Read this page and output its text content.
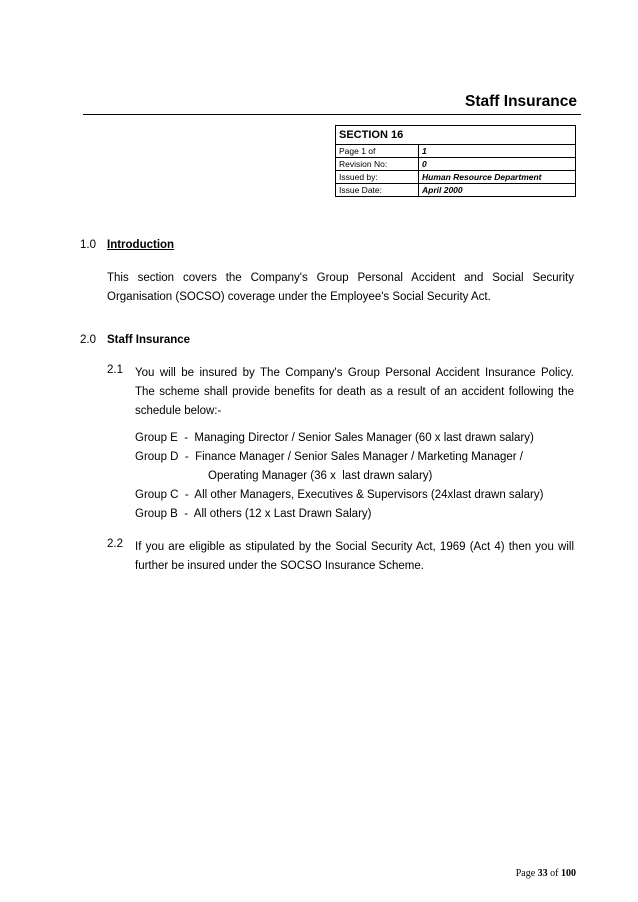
Staff Insurance
SECTION 16	
Page 1 of	1
Revision No:	0
Issued by:	Human Resource Department
Issue Date:	April 2000
1.0 Introduction
This section covers the Company's Group Personal Accident and Social Security
Organisation (SOCSO) coverage under the Employee's Social Security Act.
2.0 Staff Insurance
2.1 You will be insured by The Company's Group Personal Accident Insurance Policy.
The scheme shall provide benefits for death as a result of an accident following the
schedule below:-
Group E  -  Managing Director / Senior Sales Manager (60 x last drawn salary)
Group D  -  Finance Manager / Senior Sales Manager / Marketing Manager /
Operating Manager (36 x  last drawn salary)
Group C  -  All other Managers, Executives & Supervisors (24xlast drawn salary)
Group B  -  All others (12 x Last Drawn Salary)
2.2 If you are eligible as stipulated by the Social Security Act, 1969 (Act 4) then you will
further be insured under the SOCSO Insurance Scheme.
Page 33 of 100
